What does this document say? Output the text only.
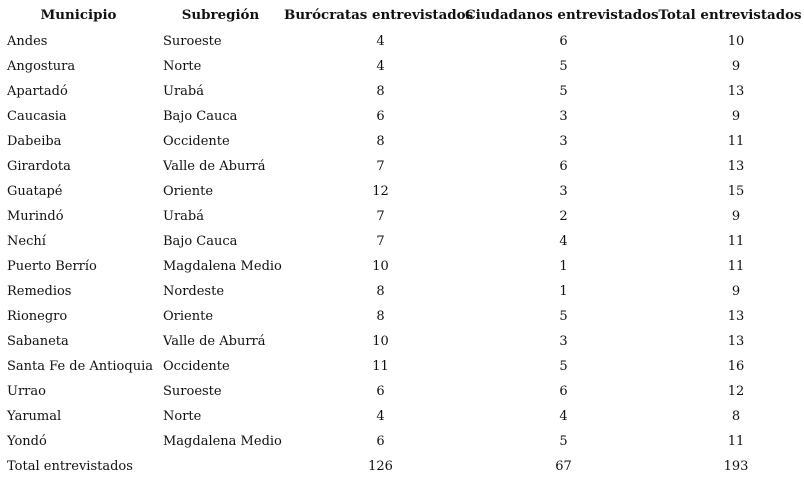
Municipio	Subregión	Burócratas entrevistados	Ciudadanos entrevistados	Total entrevistados
Andes	Suroeste	4	6	10
Angostura	Norte	4	5	9
Apartadó	Urabá	8	5	13
Caucasia	Bajo Cauca	6	3	9
Dabeiba	Occidente	8	3	11
Girardota	Valle de Aburrá	7	6	13
Guatapé	Oriente	12	3	15
Murindó	Urabá	7	2	9
Nechí	Bajo Cauca	7	4	11
Puerto Berrío	Magdalena Medio	10	1	11
Remedios	Nordeste	8	1	9
Rionegro	Oriente	8	5	13
Sabaneta	Valle de Aburrá	10	3	13
Santa Fe de Antioquia	Occidente	11	5	16
Urrao	Suroeste	6	6	12
Yarumal	Norte	4	4	8
Yondó	Magdalena Medio	6	5	11
Total entrevistados		126	67	193
